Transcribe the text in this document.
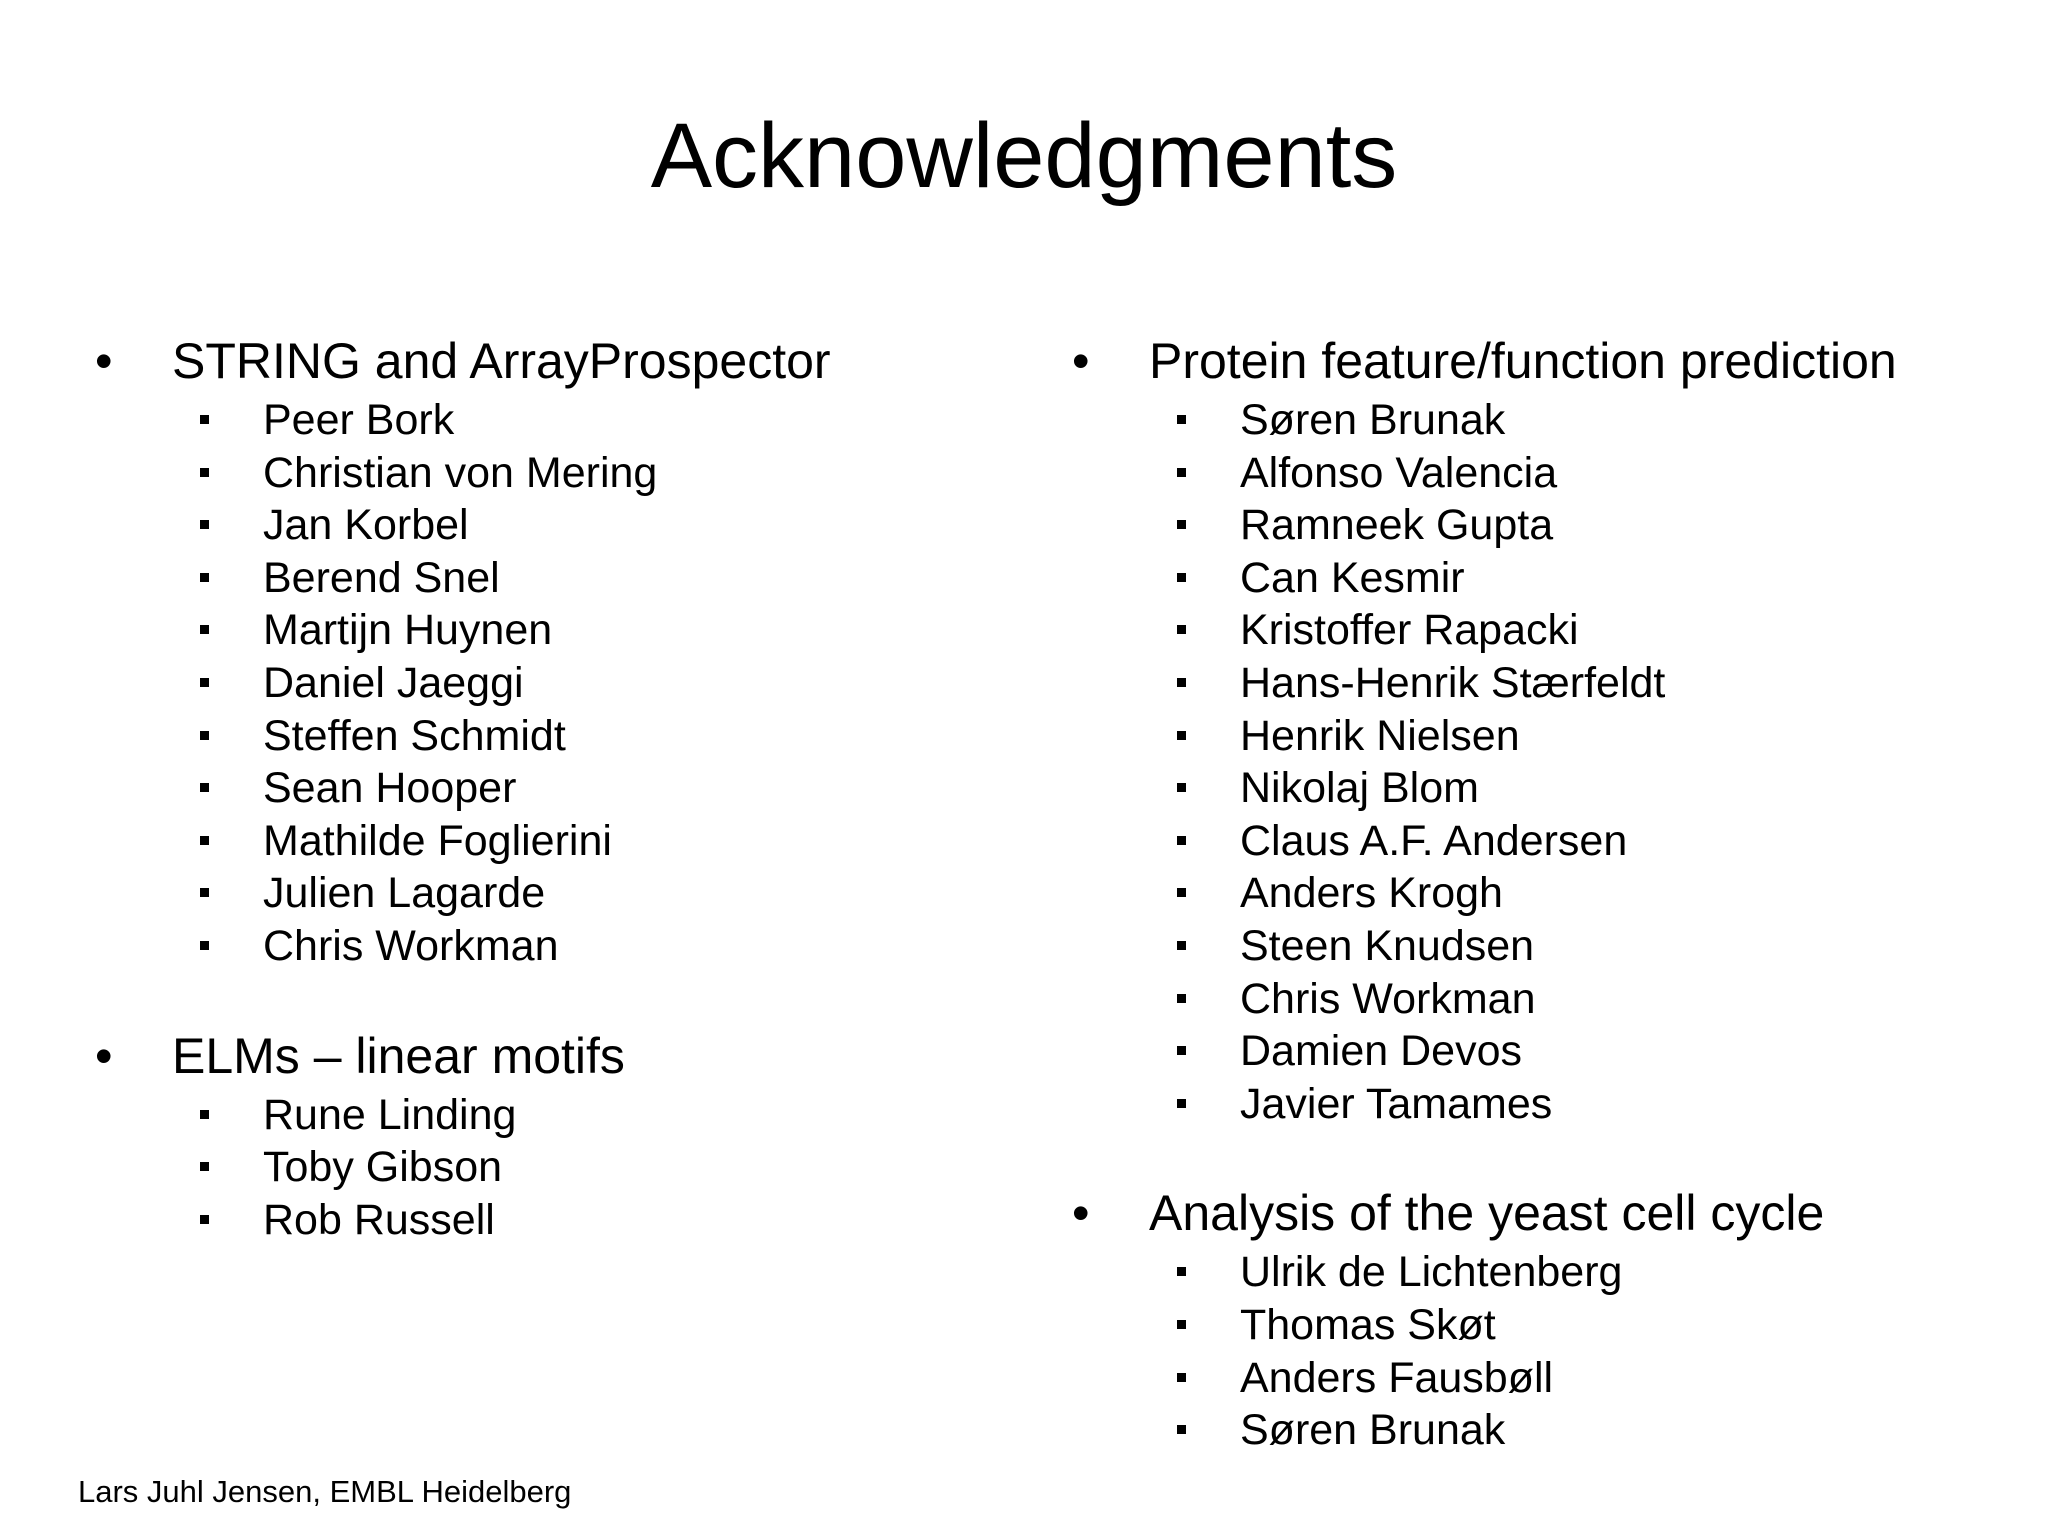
Acknowledgments
• STRING and ArrayProspector
Peer Bork
Christian von Mering
Jan Korbel
Berend Snel
Martijn Huynen
Daniel Jaeggi
Steffen Schmidt
Sean Hooper
Mathilde Foglierini
Julien Lagarde
Chris Workman
• ELMs – linear motifs
Rune Linding
Toby Gibson
Rob Russell
• Protein feature/function prediction
Søren Brunak
Alfonso Valencia
Ramneek Gupta
Can Kesmir
Kristoffer Rapacki
Hans-Henrik Stærfeldt
Henrik Nielsen
Nikolaj Blom
Claus A.F. Andersen
Anders Krogh
Steen Knudsen
Chris Workman
Damien Devos
Javier Tamames
• Analysis of the yeast cell cycle
Ulrik de Lichtenberg
Thomas Skøt
Anders Fausbøll
Søren Brunak
Lars Juhl Jensen, EMBL Heidelberg
